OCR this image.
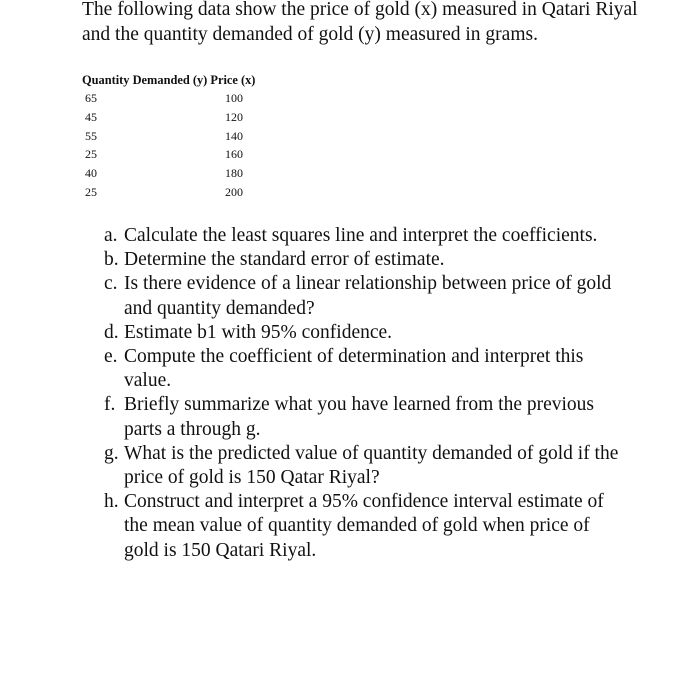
The following data show the price of gold (x) measured in Qatari Riyal and the quantity demanded of gold (y) measured in grams.
Quantity Demanded (y) Price (x)
65	100
45	120
55	140
25	160
40	180
25	200
a. Calculate the least squares line and interpret the coefficients.
b. Determine the standard error of estimate.
c. Is there evidence of a linear relationship between price of gold and quantity demanded?
d. Estimate b1 with 95% confidence.
e. Compute the coefficient of determination and interpret this value.
f. Briefly summarize what you have learned from the previous parts a through g.
g. What is the predicted value of quantity demanded of gold if the price of gold is 150 Qatar Riyal?
h. Construct and interpret a 95% confidence interval estimate of the mean value of quantity demanded of gold when price of gold is 150 Qatari Riyal.
